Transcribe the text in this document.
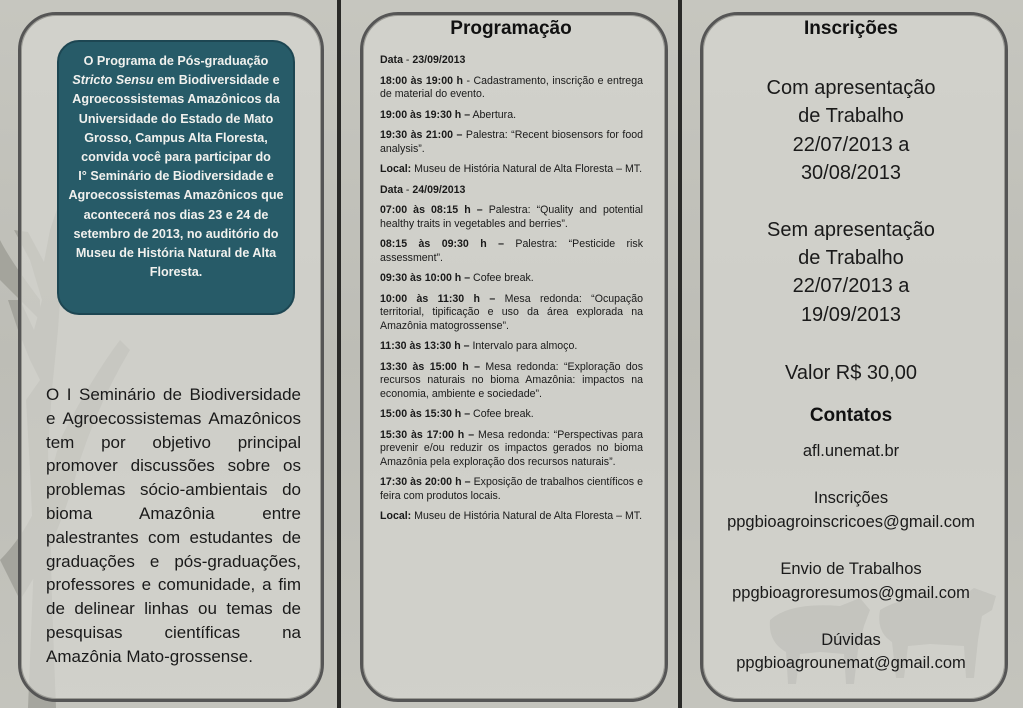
O Programa de Pós-graduação Stricto Sensu em Biodiversidade e Agroecossistemas Amazônicos da Universidade do Estado de Mato Grosso, Campus Alta Floresta, convida você para participar do
I° Seminário de Biodiversidade e Agroecossistemas Amazônicos que acontecerá nos dias 23 e 24 de setembro de 2013, no auditório do Museu de História Natural de Alta Floresta.
O I Seminário de Biodiversidade e Agroecossistemas Amazônicos tem por objetivo principal promover discussões sobre os problemas sócio-ambientais do bioma Amazônia entre palestrantes com estudantes de graduações e pós-graduações, professores e comunidade, a fim de delinear linhas ou temas de pesquisas científicas na Amazônia Mato-grossense.
Programação
Data - 23/09/2013
18:00 às 19:00 h - Cadastramento, inscrição e entrega de material do evento.
19:00 às 19:30 h – Abertura.
19:30 às 21:00 – Palestra: “Recent biosensors for food analysis”.
Local: Museu de História Natural de Alta Floresta – MT.
Data - 24/09/2013
07:00 às 08:15 h – Palestra: “Quality and potential healthy traits in vegetables and berries”.
08:15 às 09:30 h – Palestra: “Pesticide risk assessment”.
09:30 às 10:00 h – Cofee break.
10:00 às 11:30 h – Mesa redonda: “Ocupação territorial, tipificação e uso da área explorada na Amazônia matogrossense”.
11:30 às 13:30 h – Intervalo para almoço.
13:30 às 15:00 h – Mesa redonda: “Exploração dos recursos naturais no bioma Amazônia: impactos na economia, ambiente e sociedade”.
15:00 às 15:30 h – Cofee break.
15:30 às 17:00 h – Mesa redonda: “Perspectivas para prevenir e/ou reduzir os impactos gerados no bioma Amazônia pela exploração dos recursos naturais”.
17:30 às 20:00 h – Exposição de trabalhos científicos e feira com produtos locais.
Local: Museu de História Natural de Alta Floresta – MT.
Inscrições
Com apresentação de Trabalho
22/07/2013 a 30/08/2013
Sem apresentação de Trabalho
22/07/2013 a 19/09/2013
Valor R$ 30,00
Contatos
afl.unemat.br
Inscrições
ppgbioagroinscricoes@gmail.com
Envio de Trabalhos
ppgbioagroresumos@gmail.com
Dúvidas
ppgbioagrounemat@gmail.com
